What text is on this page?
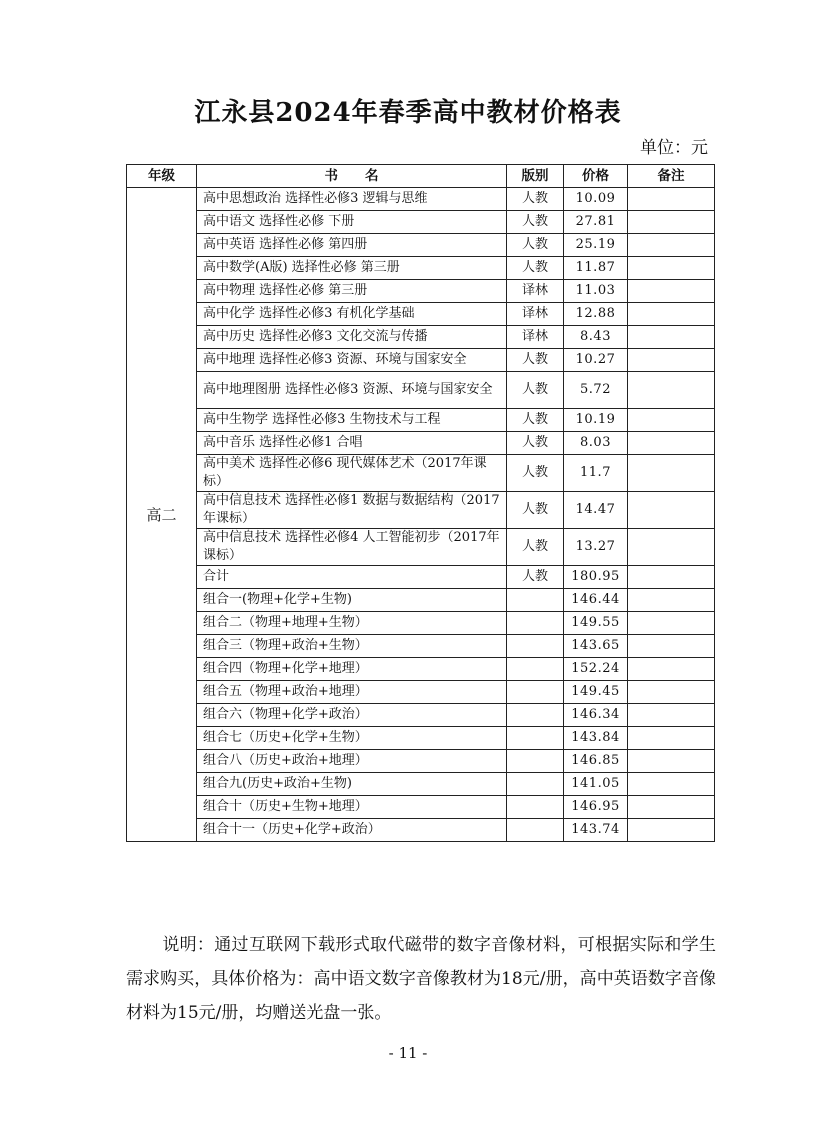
江永县2024年春季高中教材价格表
单位：元
年级	书　　名	版别	价格	备注
高二	高中思想政治 选择性必修3 逻辑与思维	人教	10.09	
	高中语文 选择性必修 下册	人教	27.81	
	高中英语 选择性必修 第四册	人教	25.19	
	高中数学(A版) 选择性必修 第三册	人教	11.87	
	高中物理 选择性必修 第三册	译林	11.03	
	高中化学 选择性必修3 有机化学基础	译林	12.88	
	高中历史 选择性必修3 文化交流与传播	译林	8.43	
	高中地理 选择性必修3 资源、环境与国家安全	人教	10.27	
	高中地理图册 选择性必修3 资源、环境与国家安全	人教	5.72	
	高中生物学 选择性必修3 生物技术与工程	人教	10.19	
	高中音乐 选择性必修1 合唱	人教	8.03	
	高中美术 选择性必修6 现代媒体艺术（2017年课标）	人教	11.7	
	高中信息技术 选择性必修1 数据与数据结构（2017年课标）	人教	14.47	
	高中信息技术 选择性必修4 人工智能初步（2017年课标）	人教	13.27	
	合计	人教	180.95	
	组合一(物理+化学+生物)		146.44	
	组合二（物理+地理+生物）		149.55	
	组合三（物理+政治+生物）		143.65	
	组合四（物理+化学+地理）		152.24	
	组合五（物理+政治+地理）		149.45	
	组合六（物理+化学+政治）		146.34	
	组合七（历史+化学+生物）		143.84	
	组合八（历史+政治+地理）		146.85	
	组合九(历史+政治+生物)		141.05	
	组合十（历史+生物+地理）		146.95	
	组合十一（历史+化学+政治）		143.74	
说明：通过互联网下载形式取代磁带的数字音像材料，可根据实际和学生需求购买，具体价格为：高中语文数字音像教材为18元/册，高中英语数字音像材料为15元/册，均赠送光盘一张。
- 11 -
